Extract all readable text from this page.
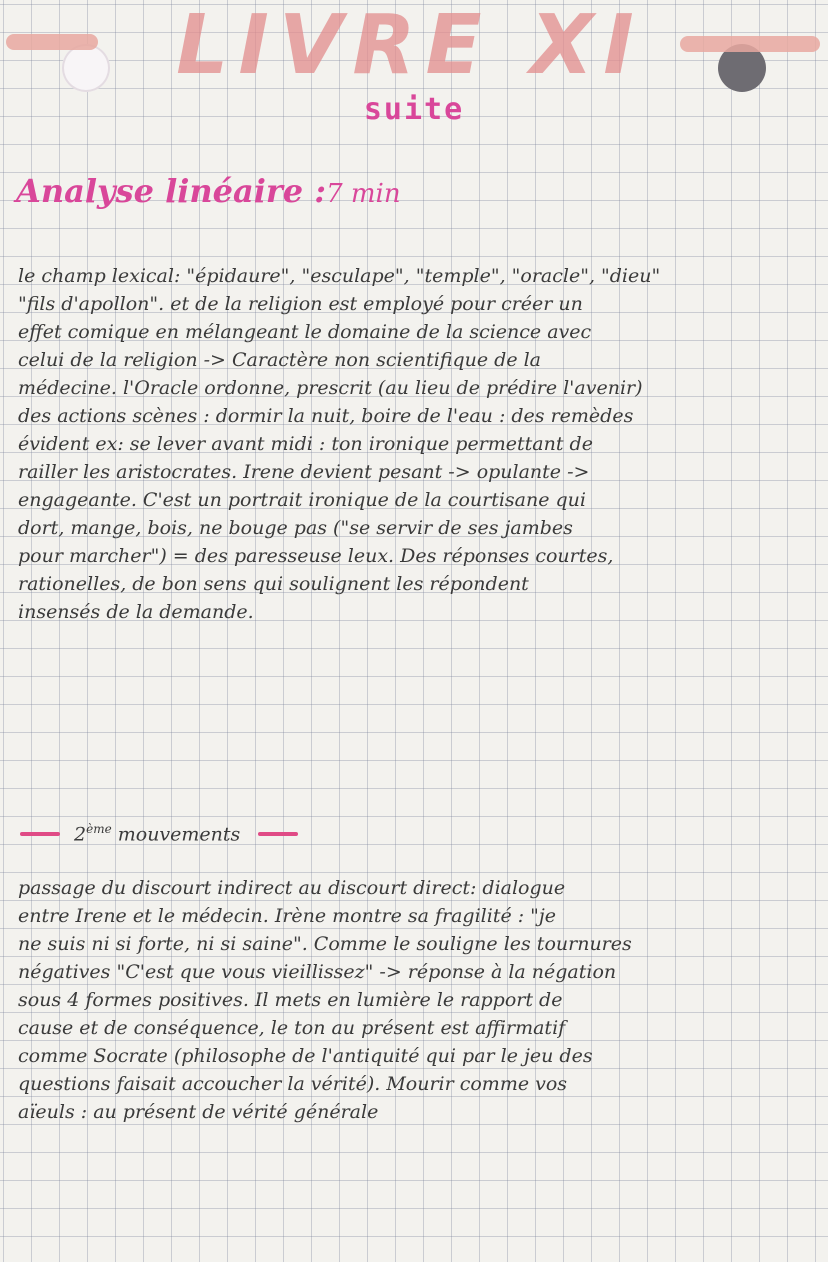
LIVRE XI
suite
Analyse linéaire :7 min
le champ lexical: "épidaure", "esculape", "temple", "oracle", "dieu"
"fils d'apollon". et de la religion est employé pour créer un
effet comique en mélangeant le domaine de la science avec
celui de la religion -> Caractère non scientifique de la
médecine. l'Oracle ordonne, prescrit (au lieu de prédire l'avenir)
des actions scènes : dormir la nuit, boire de l'eau : des remèdes
évident ex: se lever avant midi : ton ironique permettant de
railler les aristocrates. Irene devient pesant -> opulante ->
engageante. C'est un portrait ironique de la courtisane qui
dort, mange, bois, ne bouge pas ("se servir de ses jambes
pour marcher") = des paresseuse leux. Des réponses courtes,
rationelles, de bon sens qui soulignent les répondent
insensés de la demande.
2ème mouvements
passage du discourt indirect au discourt direct: dialogue
entre Irene et le médecin. Irène montre sa fragilité : "je
ne suis ni si forte, ni si saine". Comme le souligne les tournures
négatives "C'est que vous vieillissez" -> réponse à la négation
sous 4 formes positives. Il mets en lumière le rapport de
cause et de conséquence, le ton au présent est affirmatif
comme Socrate (philosophe de l'antiquité qui par le jeu des
questions faisait accoucher la vérité). Mourir comme vos
aïeuls : au présent de vérité générale
